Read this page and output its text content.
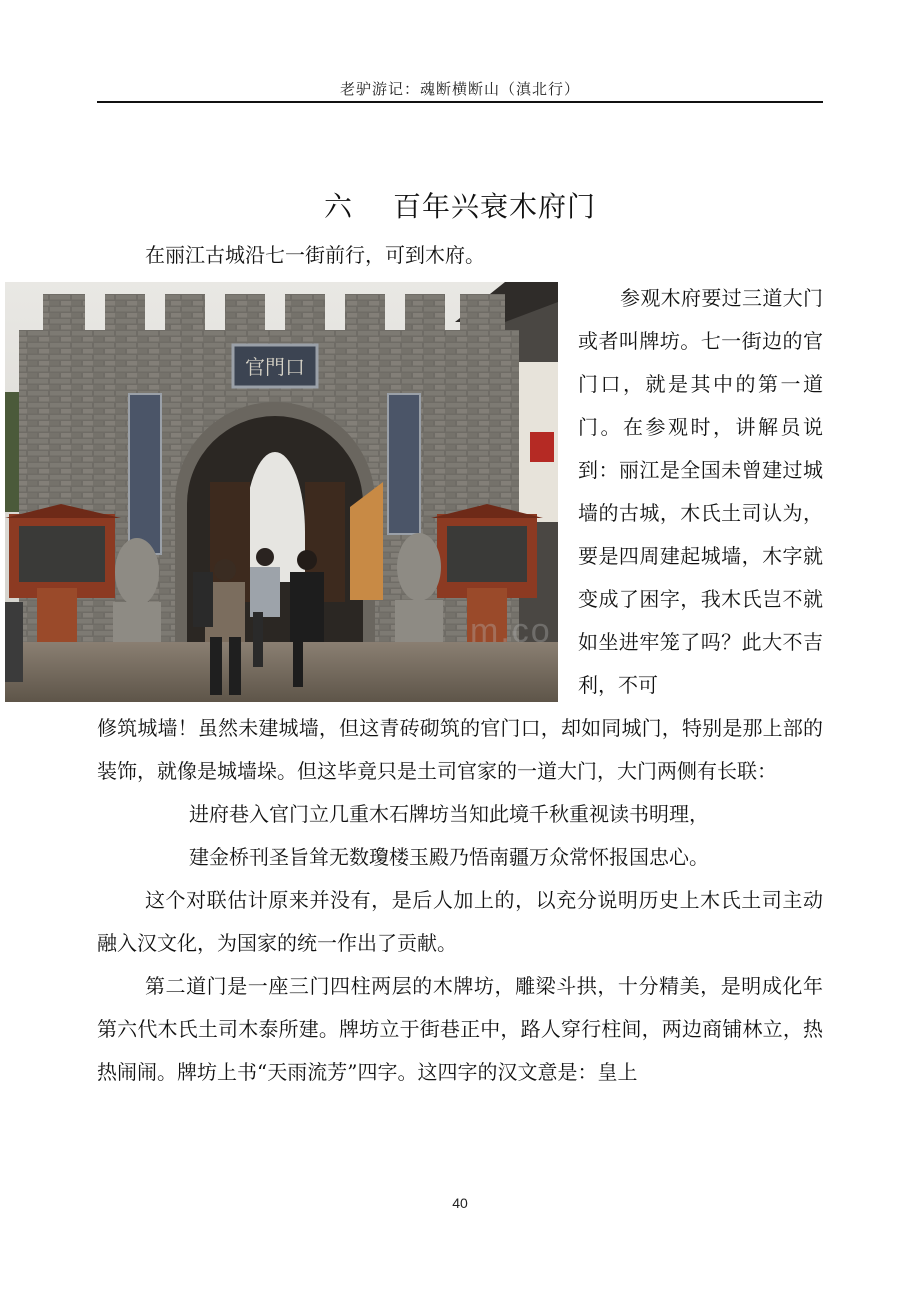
老驴游记：魂断横断山（滇北行）
六 百年兴衰木府门

在丽江古城沿七一街前行，可到木府。

官門口
m.co

参观木府要过三道大门或者叫牌坊。七一街边的官门口，就是其中的第一道门。在参观时，讲解员说到：丽江是全国未曾建过城墙的古城，木氏土司认为，要是四周建起城墙，木字就变成了困字，我木氏岂不就如坐进牢笼了吗？此大不吉利，不可

修筑城墙！虽然未建城墙，但这青砖砌筑的官门口，却如同城门，特别是那上部的装饰，就像是城墙垛。但这毕竟只是土司官家的一道大门，大门两侧有长联：

进府巷入官门立几重木石牌坊当知此境千秋重视读书明理，

建金桥刊圣旨耸无数瓊楼玉殿乃悟南疆万众常怀报国忠心。

这个对联估计原来并没有，是后人加上的，以充分说明历史上木氏土司主动融入汉文化，为国家的统一作出了贡献。

第二道门是一座三门四柱两层的木牌坊，雕梁斗拱，十分精美，是明成化年第六代木氏土司木泰所建。牌坊立于街巷正中，路人穿行柱间，两边商铺林立，热热闹闹。牌坊上书“天雨流芳”四字。这四字的汉文意是：皇上

40
